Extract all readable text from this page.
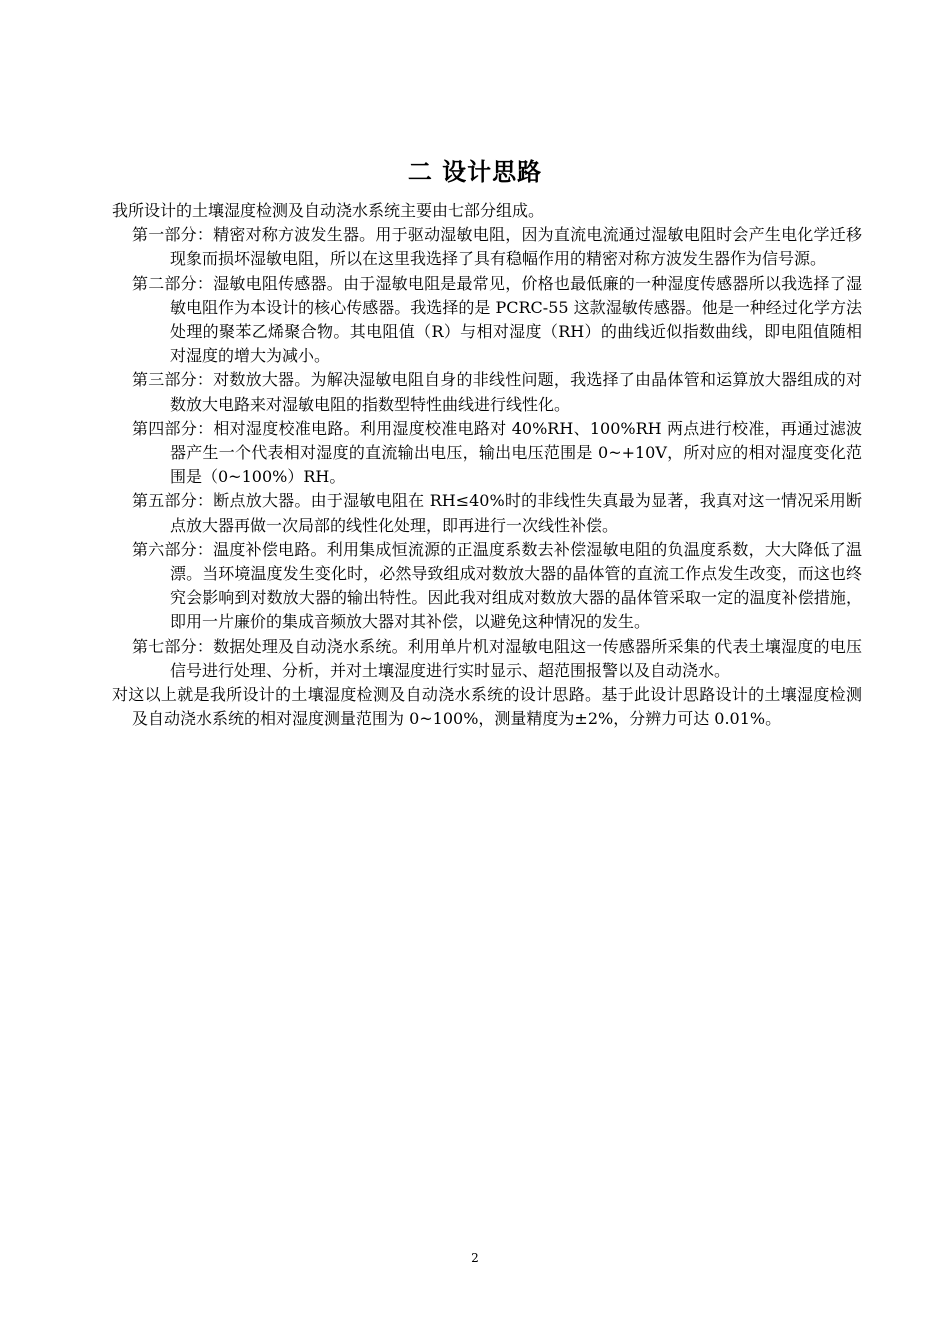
二 设计思路

我所设计的土壤湿度检测及自动浇水系统主要由七部分组成。

第一部分：精密对称方波发生器。用于驱动湿敏电阻，因为直流电流通过湿敏电阻时会产生电化学迁移现象而损坏湿敏电阻，所以在这里我选择了具有稳幅作用的精密对称方波发生器作为信号源。

第二部分：湿敏电阻传感器。由于湿敏电阻是最常见，价格也最低廉的一种湿度传感器所以我选择了湿敏电阻作为本设计的核心传感器。我选择的是 PCRC-55 这款湿敏传感器。他是一种经过化学方法处理的聚苯乙烯聚合物。其电阻值（R）与相对湿度（RH）的曲线近似指数曲线，即电阻值随相对湿度的增大为减小。

第三部分：对数放大器。为解决湿敏电阻自身的非线性问题，我选择了由晶体管和运算放大器组成的对数放大电路来对湿敏电阻的指数型特性曲线进行线性化。

第四部分：相对湿度校准电路。利用湿度校准电路对 40%RH、100%RH 两点进行校准，再通过滤波器产生一个代表相对湿度的直流输出电压，输出电压范围是 0~+10V，所对应的相对湿度变化范围是（0~100%）RH。

第五部分：断点放大器。由于湿敏电阻在 RH≤40%时的非线性失真最为显著，我真对这一情况采用断点放大器再做一次局部的线性化处理，即再进行一次线性补偿。

第六部分：温度补偿电路。利用集成恒流源的正温度系数去补偿湿敏电阻的负温度系数，大大降低了温漂。当环境温度发生变化时，必然导致组成对数放大器的晶体管的直流工作点发生改变，而这也终究会影响到对数放大器的输出特性。因此我对组成对数放大器的晶体管采取一定的温度补偿措施，即用一片廉价的集成音频放大器对其补偿，以避免这种情况的发生。

第七部分：数据处理及自动浇水系统。利用单片机对湿敏电阻这一传感器所采集的代表土壤湿度的电压信号进行处理、分析，并对土壤湿度进行实时显示、超范围报警以及自动浇水。

对这以上就是我所设计的土壤湿度检测及自动浇水系统的设计思路。基于此设计思路设计的土壤湿度检测及自动浇水系统的相对湿度测量范围为 0~100%，测量精度为±2%，分辨力可达 0.01%。

2
